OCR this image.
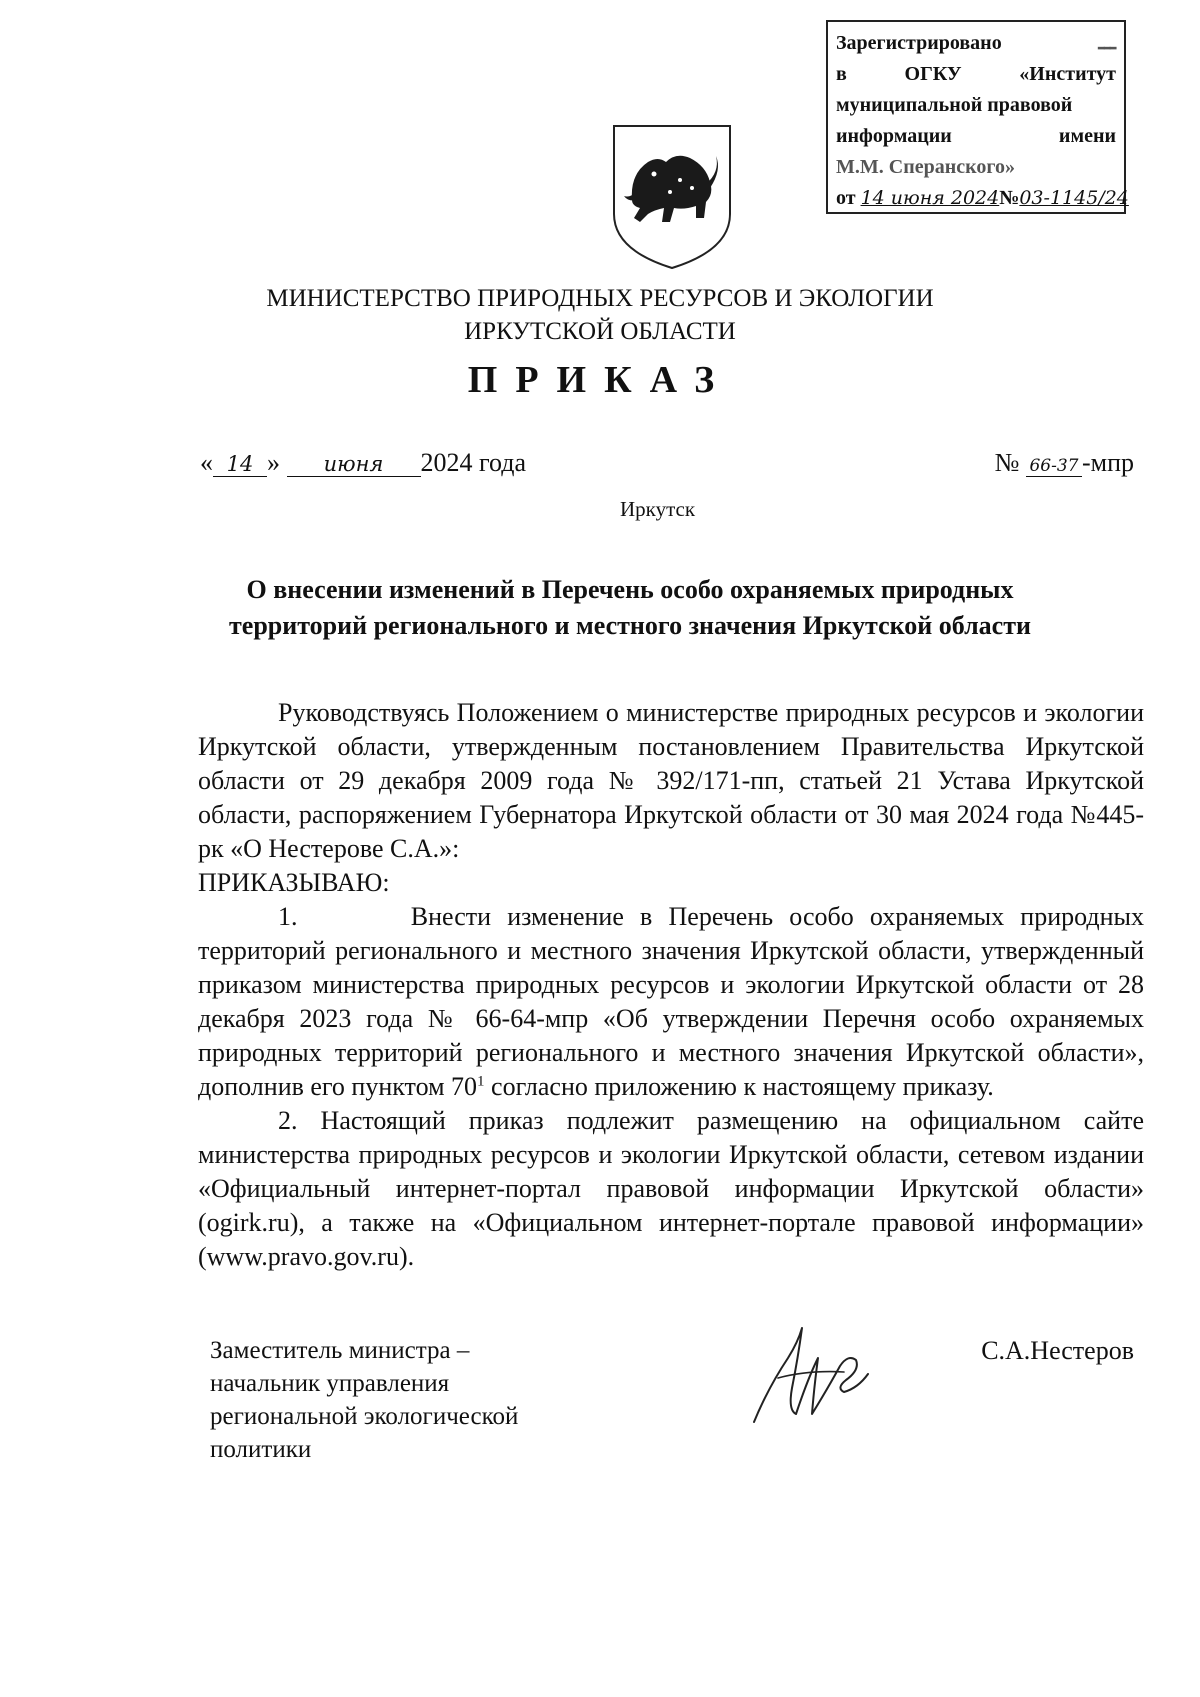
Зарегистрировано	ـــ
в	ОГКУ	«Институт
муниципальной правовой
информации	имени
М.М. Сперанского»
от 14 июня 2024 №03-1145/24
МИНИСТЕРСТВО ПРИРОДНЫХ РЕСУРСОВ И ЭКОЛОГИИ
ИРКУТСКОЙ ОБЛАСТИ
ПРИКАЗ
« 14 » июня 2024 года	№ 66-37 -мпр
Иркутск
О внесении изменений в Перечень особо охраняемых природных
территорий регионального и местного значения Иркутской области

Руководствуясь Положением о министерстве природных ресурсов и экологии Иркутской области, утвержденным постановлением Правительства Иркутской области от 29 декабря 2009 года № 392/171-пп, статьей 21 Устава Иркутской области, распоряжением Губернатора Иркутской области от 30 мая 2024 года №445-рк «О Нестерове С.А.»:

ПРИКАЗЫВАЮ:

1.	Внести изменение в Перечень особо охраняемых природных территорий регионального и местного значения Иркутской области, утвержденный приказом министерства природных ресурсов и экологии Иркутской области от 28 декабря 2023 года № 66-64-мпр «Об утверждении Перечня особо охраняемых природных территорий регионального и местного значения Иркутской области», дополнив его пунктом $70^1$ согласно приложению к настоящему приказу.

2. Настоящий приказ подлежит размещению на официальном сайте министерства природных ресурсов и экологии Иркутской области, сетевом издании «Официальный интернет-портал правовой информации Иркутской области» (ogirk.ru), а также на «Официальном интернет-портале правовой информации» (www.pravo.gov.ru).

Заместитель министра –
начальник управления
региональной экологической
политики
С.А.Нестеров
